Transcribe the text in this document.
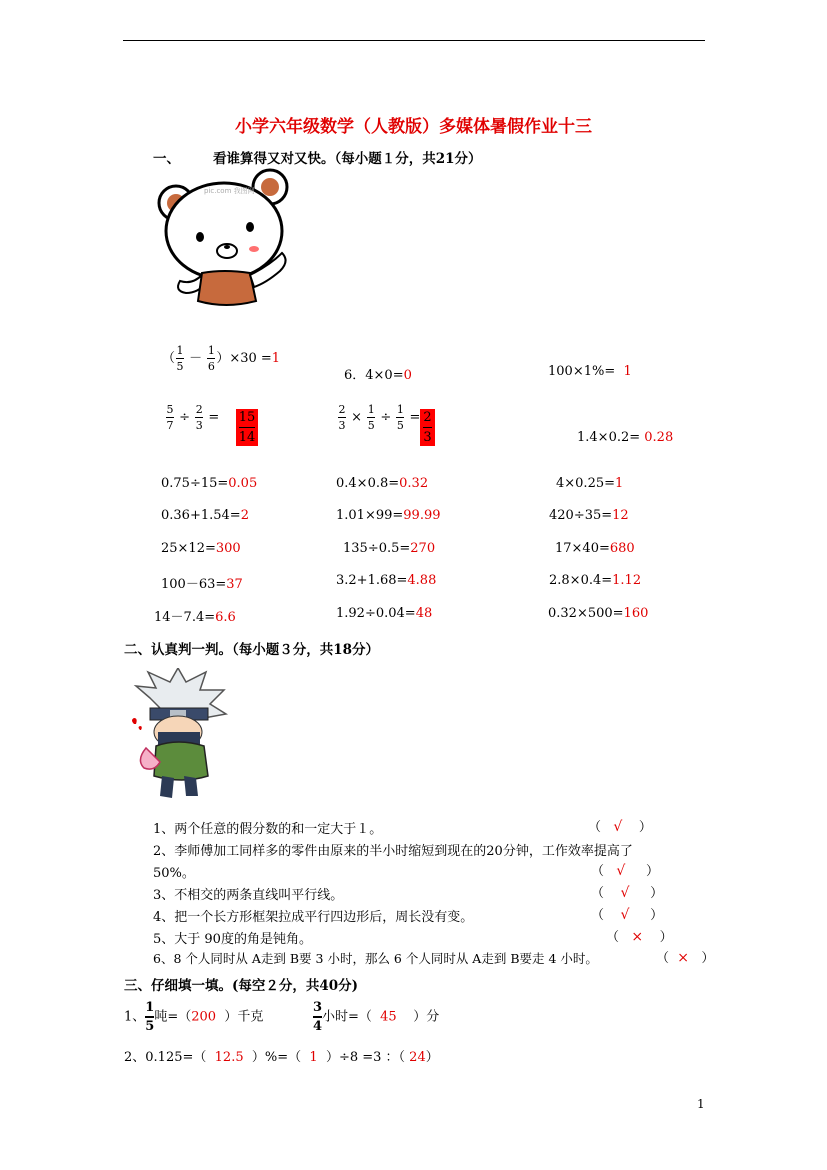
小学六年级数学（人教版）多媒体暑假作业十三
一、 看谁算得又对又快。（每小题１分，共21分）
pic.com 我图网
（ $\frac{1}{5} - \frac{1}{6} )\times 30 =1$
6．4×0=0	100×1%= 1
$\frac{5}{7} \div \frac{2}{3} = \frac{15}{14}$	$\frac{2}{3} \times \frac{1}{5} \div \frac{1}{5} = \frac{2}{3}$	1.4×0.2= 0.28
0.75÷15=0.05	0.4×0.8=0.32	4×0.25=1
0.36+1.54=2	1.01×99=99.99	420÷35=12
25×12=300	135÷0.5=270	17×40=680
100－63=37	3.2+1.68=4.88	2.8×0.4=1.12
14－7.4=6.6	1.92÷0.04=48	0.32×500=160
二、认真判一判。（每小题３分，共18分）
1、两个任意的假分数的和一定大于１。	（   √    ）
2、李师傅加工同样多的零件由原来的半小时缩短到现在的20分钟，工作效率提高了
50%。	（   √     ）
3、不相交的两条直线叫平行线。	（    √     ）
4、把一个长方形框架拉成平行四边形后，周长没有变。	（    √     ）
5、大于 90度的角是钝角。	（   ×    ）
6、8 个人同时从 A走到 B要 3 小时，那么 6 个人同时从 A走到 B要走 4 小时。	（  ×   ）
三、仔细填一填。(每空２分，共40分)
1、 $\frac{1}{5}$ 吨=（200 ）千克	$\frac{3}{4}$ 小时=（ 45 ）分
2、0.125=（ 12.5 ）%=（ 1 ）÷8 =3 ：（ 24）
1
